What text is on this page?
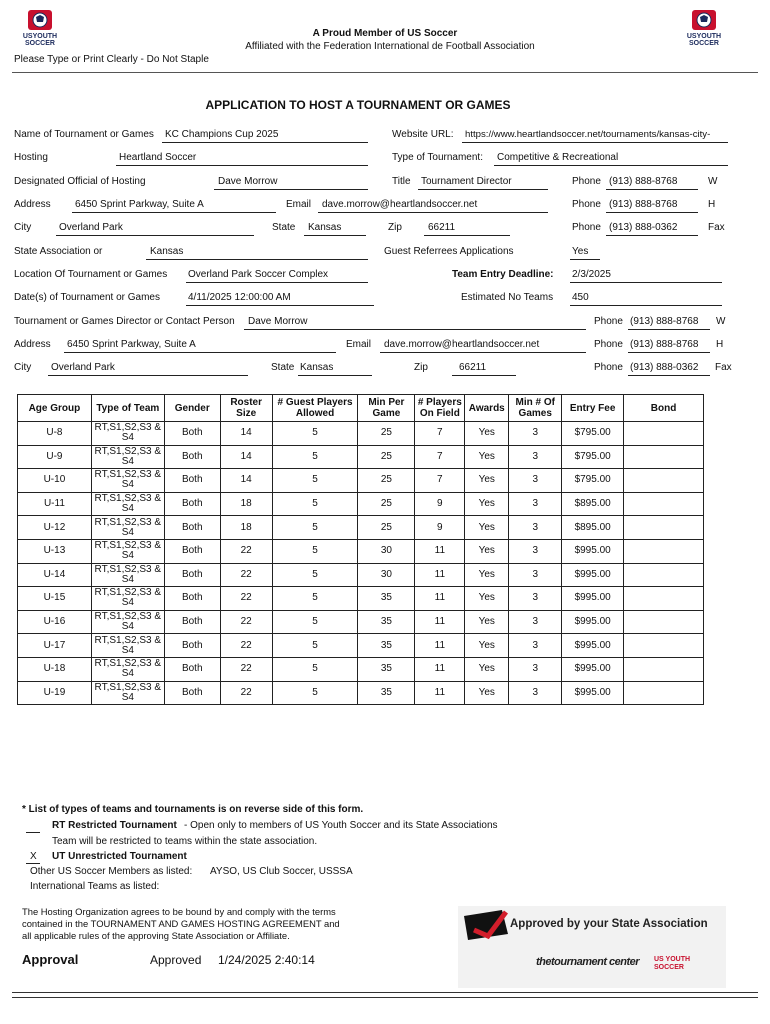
USYOUTH
SOCCER
USYOUTH
SOCCER
A Proud Member of US Soccer
Affiliated with the Federation International de Football Association
Please Type or Print Clearly - Do Not Staple
APPLICATION TO HOST A TOURNAMENT OR GAMES
Name of Tournament or Games KC Champions Cup 2025	Website URL: https://www.heartlandsoccer.net/tournaments/kansas-city-
Hosting	Heartland Soccer	Type of Tournament: Competitive & Recreational
Designated Official of Hosting	Dave Morrow	Title Tournament Director	Phone (913) 888-8768	W
Address 6450 Sprint Parkway, Suite A	Email dave.morrow@heartlandsoccer.net	Phone (913) 888-8768	H
City	Overland Park	State Kansas	Zip	66211	Phone (913) 888-0362	Fax
State Association or	Kansas	Guest Referrees Applications	Yes
Location Of Tournament or Games Overland Park Soccer Complex	Team Entry Deadline: 2/3/2025
Date(s) of Tournament or Games	4/11/2025 12:00:00 AM	Estimated No Teams 450
Tournament or Games Director or Contact Person Dave Morrow	Phone (913) 888-8768 W
Address 6450 Sprint Parkway, Suite A	Email dave.morrow@heartlandsoccer.net	Phone (913) 888-8768 H
City Overland Park	State Kansas	Zip	66211	Phone (913) 888-0362 Fax
Age Group	Type of Team	Gender	Roster Size	# Guest Players Allowed	Min Per Game	# Players On Field	Awards	Min # Of Games	Entry Fee	Bond
U-8	RT,S1,S2,S3 & S4	Both	14	5	25	7	Yes	3	$795.00	
U-9	RT,S1,S2,S3 & S4	Both	14	5	25	7	Yes	3	$795.00	
U-10	RT,S1,S2,S3 & S4	Both	14	5	25	7	Yes	3	$795.00	
U-11	RT,S1,S2,S3 & S4	Both	18	5	25	9	Yes	3	$895.00	
U-12	RT,S1,S2,S3 & S4	Both	18	5	25	9	Yes	3	$895.00	
U-13	RT,S1,S2,S3 & S4	Both	22	5	30	11	Yes	3	$995.00	
U-14	RT,S1,S2,S3 & S4	Both	22	5	30	11	Yes	3	$995.00	
U-15	RT,S1,S2,S3 & S4	Both	22	5	35	11	Yes	3	$995.00	
U-16	RT,S1,S2,S3 & S4	Both	22	5	35	11	Yes	3	$995.00	
U-17	RT,S1,S2,S3 & S4	Both	22	5	35	11	Yes	3	$995.00	
U-18	RT,S1,S2,S3 & S4	Both	22	5	35	11	Yes	3	$995.00	
U-19	RT,S1,S2,S3 & S4	Both	22	5	35	11	Yes	3	$995.00	
* List of types of teams and tournaments is on reverse side of this form.
RT Restricted Tournament - Open only to members of US Youth Soccer and its State Associations
Team will be restricted to teams within the state association.
X UT Unrestricted Tournament
Other US Soccer Members as listed: AYSO, US Club Soccer, USSSA
International Teams as listed:
The Hosting Organization agrees to be bound by and comply with the terms
contained in the TOURNAMENT AND GAMES HOSTING AGREEMENT and
all applicable rules of the approving State Association or Affiliate.
Approval	Approved 1/24/2025 2:40:14
Approved by your State Association
thetournament center US YOUTH SOCCER
